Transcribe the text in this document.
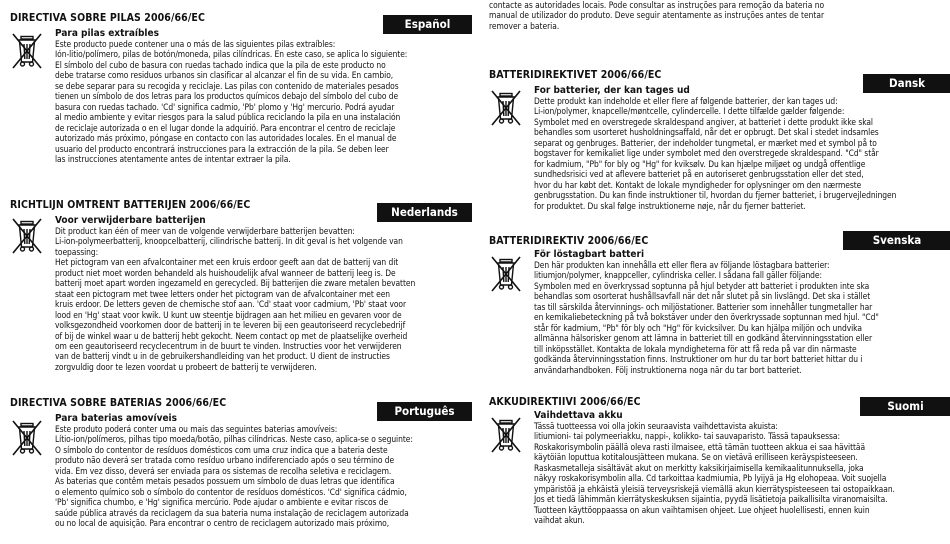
DIRECTIVA SOBRE PILAS 2006/66/EC	Español
Para pilas extraíbles
Este producto puede contener una o más de las siguientes pilas extraíbles:
Ión-litio/polímero, pilas de botón/moneda, pilas cilíndricas. En este caso, se aplica lo siguiente:
El símbolo del cubo de basura con ruedas tachado indica que la pila de este producto no
debe tratarse como residuos urbanos sin clasificar al alcanzar el fin de su vida. En cambio,
se debe separar para su recogida y reciclaje. Las pilas con contenido de materiales pesados
tienen un símbolo de dos letras para los productos químicos debajo del símbolo del cubo de
basura con ruedas tachado. 'Cd' significa cadmio, 'Pb' plomo y 'Hg' mercurio. Podrá ayudar
al medio ambiente y evitar riesgos para la salud pública reciclando la pila en una instalación
de reciclaje autorizada o en el lugar donde la adquirió. Para encontrar el centro de reciclaje
autorizado más próximo, póngase en contacto con las autoridades locales. En el manual de
usuario del producto encontrará instrucciones para la extracción de la pila. Se deben leer
las instrucciones atentamente antes de intentar extraer la pila.
RICHTLIJN OMTRENT BATTERIJEN 2006/66/EC	Nederlands
Voor verwijderbare batterijen
Dit product kan één of meer van de volgende verwijderbare batterijen bevatten:
Li-ion-polymeerbatterij, knoopcelbatterij, cilindrische batterij. In dit geval is het volgende van
toepassing:
Het pictogram van een afvalcontainer met een kruis erdoor geeft aan dat de batterij van dit
product niet moet worden behandeld als huishoudelijk afval wanneer de batterij leeg is. De
batterij moet apart worden ingezameld en gerecycled. Bij batterijen die zware metalen bevatten
staat een pictogram met twee letters onder het pictogram van de afvalcontainer met een
kruis erdoor. De letters geven de chemische stof aan. 'Cd' staat voor cadmium, 'Pb' staat voor
lood en 'Hg' staat voor kwik. U kunt uw steentje bijdragen aan het milieu en gevaren voor de
volksgezondheid voorkomen door de batterij in te leveren bij een geautoriseerd recyclebedrijf
of bij de winkel waar u de batterij hebt gekocht. Neem contact op met de plaatselijke overheid
om een geautoriseerd recyclecentrum in de buurt te vinden. Instructies voor het verwijderen
van de batterij vindt u in de gebruikershandleiding van het product. U dient de instructies
zorgvuldig door te lezen voordat u probeert de batterij te verwijderen.
DIRECTIVA SOBRE BATERIAS 2006/66/EC
Português
Para baterias amovíveis
Este produto poderá conter uma ou mais das seguintes baterias amovíveis:
Lítio-ion/polímeros, pilhas tipo moeda/botão, pilhas cilíndricas. Neste caso, aplica-se o seguinte:
O símbolo do contentor de resíduos domésticos com uma cruz indica que a bateria deste
produto não deverá ser tratada como resíduo urbano indiferenciado após o seu término de
vida. Em vez disso, deverá ser enviada para os sistemas de recolha seletiva e reciclagem.
As baterias que contêm metais pesados possuem um símbolo de duas letras que identifica
o elemento químico sob o símbolo do contentor de resíduos domésticos. 'Cd' significa cádmio,
'Pb' significa chumbo, e 'Hg' significa mercúrio. Pode ajudar o ambiente e evitar riscos de
saúde pública através da reciclagem da sua bateria numa instalação de reciclagem autorizada
ou no local de aquisição. Para encontrar o centro de reciclagem autorizado mais próximo,
contacte as autoridades locais. Pode consultar as instruções para remoção da bateria no
manual de utilizador do produto. Deve seguir atentamente as instruções antes de tentar
remover a bateria.
BATTERIDIREKTIVET 2006/66/EC
Dansk
For batterier, der kan tages ud
Dette produkt kan indeholde et eller flere af følgende batterier, der kan tages ud:
Li-ion/polymer, knapcelle/møntcelle, cylindercelle. I dette tilfælde gælder følgende:
Symbolet med en overstregede skraldespand angiver, at batteriet i dette produkt ikke skal
behandles som usorteret husholdningsaffald, når det er opbrugt. Det skal i stedet indsamles
separat og genbruges. Batterier, der indeholder tungmetal, er mærket med et symbol på to
bogstaver for kemikaliet lige under symbolet med den overstregede skraldespand. "Cd" står
for kadmium, "Pb" for bly og "Hg" for kviksølv. Du kan hjælpe miljøet og undgå offentlige
sundhedsrisici ved at aflevere batteriet på en autoriseret genbrugsstation eller det sted,
hvor du har købt det. Kontakt de lokale myndigheder for oplysninger om den nærmeste
genbrugsstation. Du kan finde instruktioner til, hvordan du fjerner batteriet, i brugervejledningen
for produktet. Du skal følge instruktionerne nøje, når du fjerner batteriet.
BATTERIDIREKTIV 2006/66/EC	Svenska
För löstagbart batteri
Den här produkten kan innehålla ett eller flera av följande löstagbara batterier:
litiumjon/polymer, knappceller, cylindriska celler. I sådana fall gäller följande:
Symbolen med en överkryssad soptunna på hjul betyder att batteriet i produkten inte ska
behandlas som osorterat hushållsavfall när det når slutet på sin livslängd. Det ska i stället
tas till särskilda återvinnings- och miljöstationer. Batterier som innehåller tungmetaller har
en kemikaliebeteckning på två bokstäver under den överkryssade soptunnan med hjul. "Cd"
står för kadmium, "Pb" för bly och "Hg" för kvicksilver. Du kan hjälpa miljön och undvika
allmänna hälsorisker genom att lämna in batteriet till en godkänd återvinningsstation eller
till inköpsstället. Kontakta de lokala myndigheterna för att få reda på var din närmaste
godkända återvinningsstation finns. Instruktioner om hur du tar bort batteriet hittar du i
användarhandboken. Följ instruktionerna noga när du tar bort batteriet.
AKKUDIREKTIIVI 2006/66/EC	Suomi
Vaihdettava akku
Tässä tuotteessa voi olla jokin seuraavista vaihdettavista akuista:
litiumioni- tai polymeeriakku, nappi-, kolikko- tai sauvaparisto. Tässä tapauksessa:
Roskakorisymbolin päällä oleva rasti ilmaisee, että tämän tuotteen akkua ei saa hävittää
käytöiän loputtua kotitalousjätteen mukana. Se on vietävä erilliseen keräyspisteeseen.
Raskasmetalleja sisältävät akut on merkitty kaksikirjaimisella kemikaalitunnuksella, joka
näkyy roskakorisymbolin alla. Cd tarkoittaa kadmiumia, Pb lyijyä ja Hg elohopeaa. Voit suojella
ympäristöä ja ehkäistä yleisiä terveysriskejä viemällä akun kierrätyspisteeseen tai ostopaikkaan.
Jos et tiedä lähimmän kierrätyskeskuksen sijaintia, pyydä lisätietoja paikallisilta viranomaisilta.
Tuotteen käyttöoppaassa on akun vaihtamisen ohjeet. Lue ohjeet huolellisesti, ennen kuin
vaihdat akun.
